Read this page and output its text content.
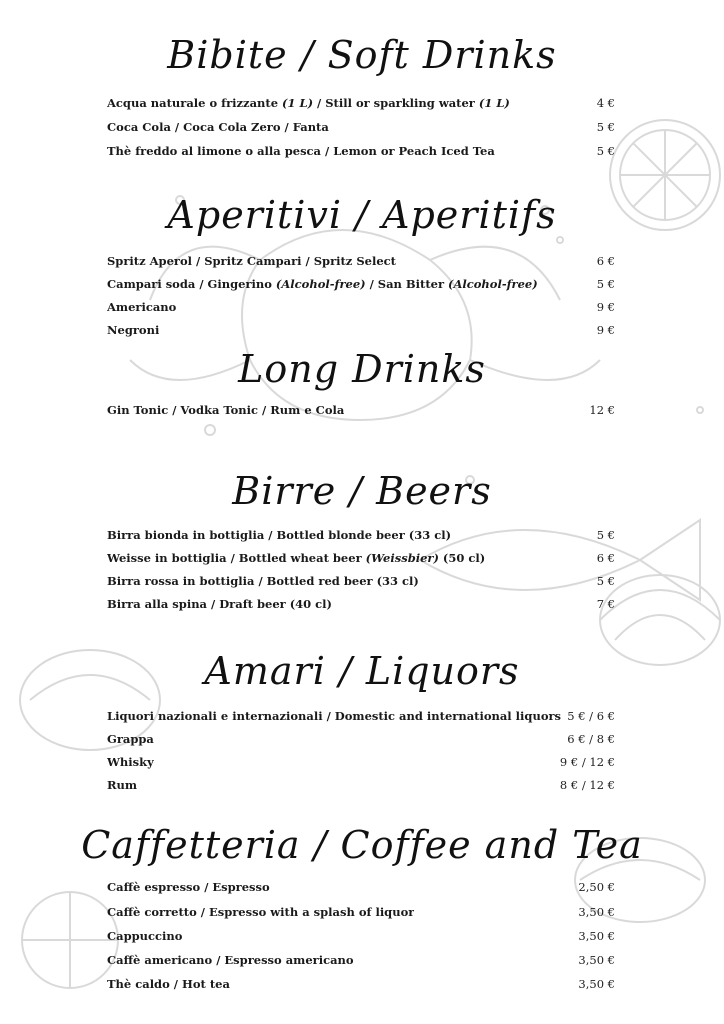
Bibite / Soft Drinks
Acqua naturale o frizzante (1 L) / Still or sparkling water (1 L)	4 €
Coca Cola / Coca Cola Zero / Fanta	5 €
Thè freddo al limone o alla pesca / Lemon or Peach Iced Tea	5 €
Aperitivi / Aperitifs
Spritz Aperol / Spritz Campari / Spritz Select	6 €
Campari soda / Gingerino (Alcohol-free) / San Bitter (Alcohol-free)	5 €
Americano	9 €
Negroni	9 €
Long Drinks
Gin Tonic / Vodka Tonic / Rum e Cola	12 €
Birre / Beers
Birra bionda in bottiglia / Bottled blonde beer (33 cl)	5 €
Weisse in bottiglia / Bottled wheat beer (Weissbier) (50 cl)	6 €
Birra rossa in bottiglia / Bottled red beer (33 cl)	5 €
Birra alla spina / Draft beer (40 cl)	7 €
Amari / Liquors
Liquori nazionali e internazionali / Domestic and international liquors 5 € / 6 €
Grappa	6 € / 8 €
Whisky	9 € / 12 €
Rum	8 € / 12 €
Caffetteria / Coffee and Tea
Caffè espresso / Espresso	2,50 €
Caffè corretto / Espresso with a splash of liquor	3,50 €
Cappuccino	3,50 €
Caffè americano / Espresso americano	3,50 €
Thè caldo / Hot tea	3,50 €
